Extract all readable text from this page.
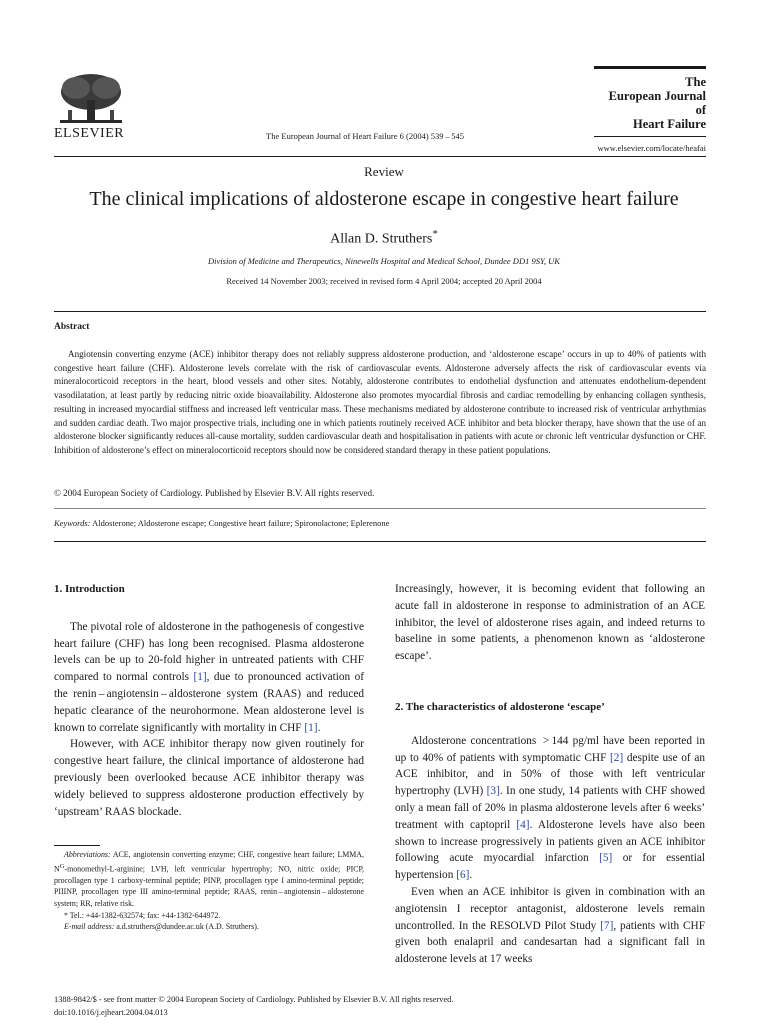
ELSEVIER	The European Journal of Heart Failure 6 (2004) 539 – 545
The
European Journal
of
Heart Failure
www.elsevier.com/locate/heafai
Review
The clinical implications of aldosterone escape in congestive heart failure
Allan D. Struthers*
Division of Medicine and Therapeutics, Ninewells Hospital and Medical School, Dundee DD1 9SY, UK
Received 14 November 2003; received in revised form 4 April 2004; accepted 20 April 2004
Abstract

Angiotensin converting enzyme (ACE) inhibitor therapy does not reliably suppress aldosterone production, and ‘aldosterone escape’ occurs in up to 40% of patients with congestive heart failure (CHF). Aldosterone levels correlate with the risk of cardiovascular events. Aldosterone adversely affects the risk of cardiovascular events via mineralocorticoid receptors in the heart, blood vessels and other sites. Notably, aldosterone contributes to endothelial dysfunction and attenuates endothelium-dependent vasodilatation, at least partly by reducing nitric oxide bioavailability. Aldosterone also promotes myocardial fibrosis and cardiac remodelling by enhancing collagen synthesis, resulting in increased myocardial stiffness and increased left ventricular mass. These mechanisms mediated by aldosterone contribute to increased risk of ventricular arrhythmias and sudden cardiac death. Two major prospective trials, including one in which patients routinely received ACE inhibitor and beta blocker therapy, have shown that the use of an aldosterone blocker significantly reduces all-cause mortality, sudden cardiovascular death and hospitalisation in patients with acute or chronic left ventricular dysfunction or CHF. Inhibition of aldosterone’s effect on mineralocorticoid receptors should now be considered standard therapy in these patient populations.

© 2004 European Society of Cardiology. Published by Elsevier B.V. All rights reserved.

Keywords: Aldosterone; Aldosterone escape; Congestive heart failure; Spironolactone; Eplerenone
1. Introduction

The pivotal role of aldosterone in the pathogenesis of congestive heart failure (CHF) has long been recognised. Plasma aldosterone levels can be up to 20-fold higher in untreated patients with CHF compared to normal controls [1], due to pronounced activation of the renin – angiotensin – aldosterone system (RAAS) and reduced hepatic clearance of the neurohormone. Mean aldosterone level is known to correlate significantly with mortality in CHF [1].

However, with ACE inhibitor therapy now given routinely for congestive heart failure, the clinical importance of aldosterone had previously been overlooked because ACE inhibitor therapy was widely believed to suppress aldosterone production effectively by ‘upstream’ RAAS blockade.

Abbreviations: ACE, angiotensin converting enzyme; CHF, congestive heart failure; LMMA, $N^G-monomethyl-L$-arginine; LVH, left ventricular hypertrophy; NO, nitric oxide; PICP, procollagen type 1 carboxy-terminal peptide; PINP, procollagen type I amino-terminal peptide; PIIINP, procollagen type III amino-terminal peptide; RAAS, renin – angiotensin – aldosterone system; RR, relative risk.

* Tel.: +44-1382-632574; fax: +44-1382-644972.

E-mail address: a.d.struthers@dundee.ac.uk (A.D. Struthers).

Increasingly, however, it is becoming evident that following an acute fall in aldosterone in response to administration of an ACE inhibitor, the level of aldosterone rises again, and indeed returns to baseline in some patients, a phenomenon known as ‘aldosterone escape’.

2. The characteristics of aldosterone ‘escape’

Aldosterone concentrations  > 144 pg/ml have been reported in up to 40% of patients with symptomatic CHF [2] despite use of an ACE inhibitor, and in 50% of those with left ventricular hypertrophy (LVH) [3]. In one study, 14 patients with CHF showed only a mean fall of 20% in plasma aldosterone levels after 6 weeks’ treatment with captopril [4]. Aldosterone levels have also been shown to increase progressively in patients given an ACE inhibitor following acute myocardial infarction [5] or for essential hypertension [6].

Even when an ACE inhibitor is given in combination with an angiotensin I receptor antagonist, aldosterone levels remain uncontrolled. In the RESOLVD Pilot Study [7], patients with CHF given both enalapril and candesartan had a significant fall in aldosterone levels at 17 weeks

1388-9842/$ - see front matter © 2004 European Society of Cardiology. Published by Elsevier B.V. All rights reserved.
doi:10.1016/j.ejheart.2004.04.013
